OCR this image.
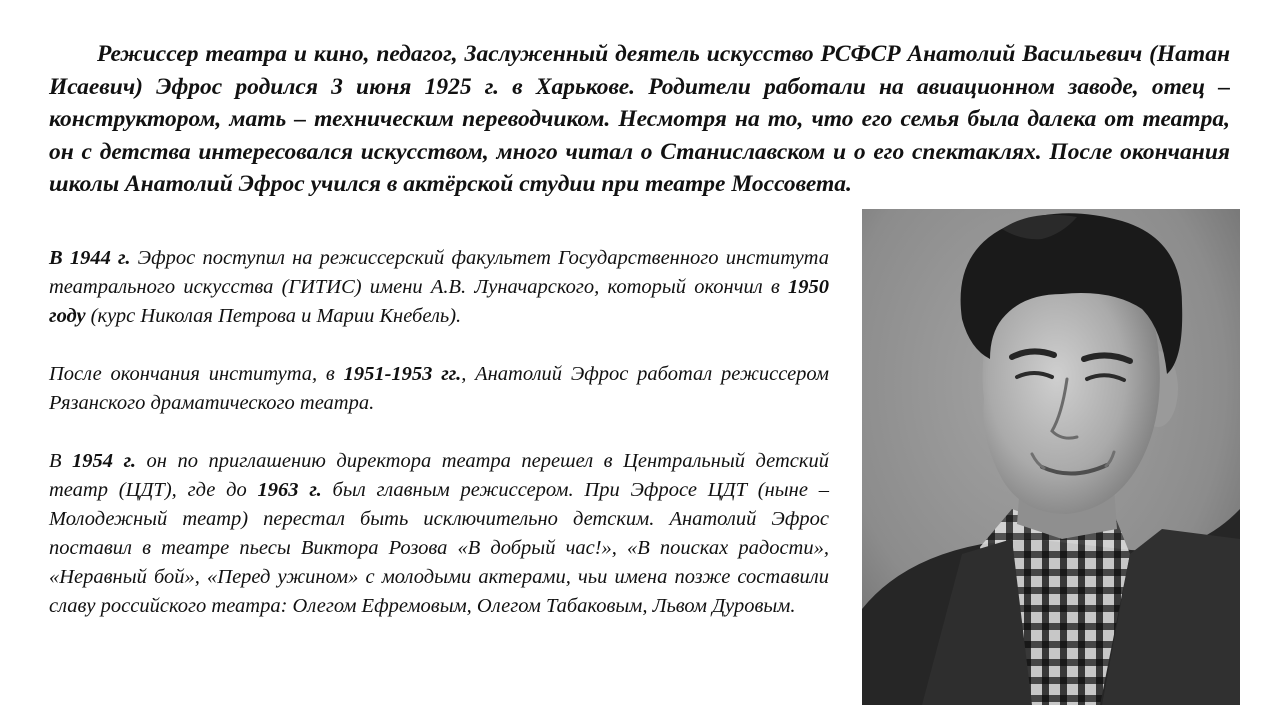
Режиссер театра и кино, педагог, Заслуженный деятель искусство РСФСР Анатолий Васильевич (Натан Исаевич) Эфрос родился 3 июня 1925 г. в Харькове. Родители работали на авиационном заводе, отец – конструктором, мать – техническим переводчиком. Несмотря на то, что его семья была далека от театра, он с детства интересовался искусством, много читал о Станиславском и о его спектаклях. После окончания школы Анатолий Эфрос учился в актёрской студии при театре Моссовета.

В 1944 г. Эфрос поступил на режиссерский факультет Государственного института театрального искусства (ГИТИС) имени А.В. Луначарского, который окончил в 1950 году (курс Николая Петрова и Марии Кнебель).

После окончания института, в 1951-1953 гг., Анатолий Эфрос работал режиссером Рязанского драматического театра.

В 1954 г. он по приглашению директора театра перешел в Центральный детский театр (ЦДТ), где до 1963 г. был главным режиссером. При Эфросе ЦДТ (ныне – Молодежный театр) перестал быть исключительно детским. Анатолий Эфрос поставил в театре пьесы Виктора Розова «В добрый час!», «В поисках радости», «Неравный бой», «Перед ужином» с молодыми актерами, чьи имена позже составили славу российского театра: Олегом Ефремовым, Олегом Табаковым, Львом Дуровым.
